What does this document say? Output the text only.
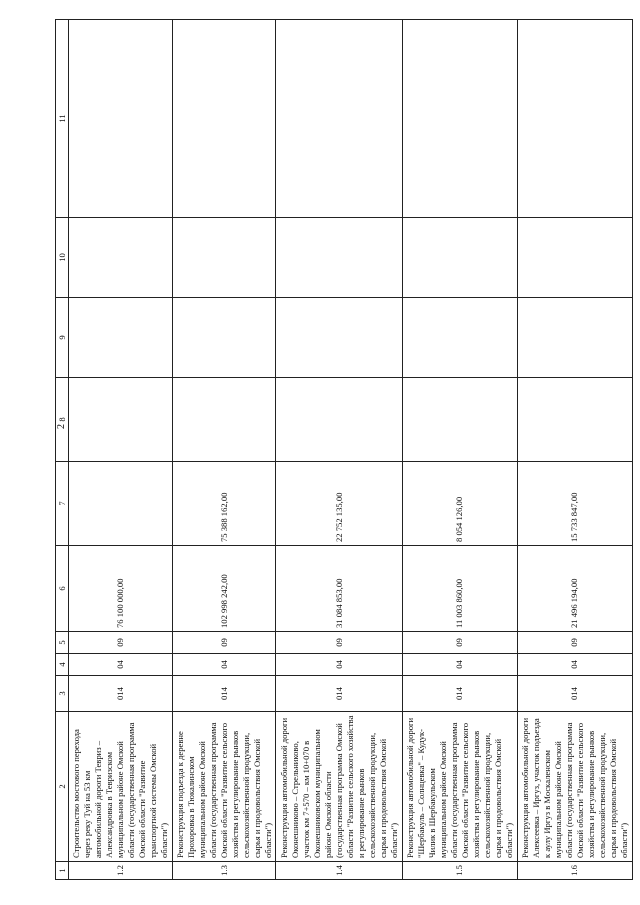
2
1	2	3	4	5	6	7	8	9	10	11
1.2	Строительство мостового перехода через реку Туй на 53 км автомобильной дороги Тевриз – Александровка в Тевризском муниципальном районе Омской области (государственная программа Омской области "Развитие транспортной системы Омской области")	014	04	09	76 100 000,00					
1.3	Реконструкция подъезда к деревне Прохоровка в Тюкалинском муниципальном районе Омской области (государственная программа Омской области "Развитие сельского хозяйства и регулирование рынков сельскохозяйственной продукции, сырья и продовольствия Омской области")	014	04	09	102 998 242,00	75 388 162,00				
1.4	Реконструкция автомобильной дороги Оконешниково – Стрельниково, участок км 7+570 – км 10+070 в Оконешниковском муниципальном районе Омской области (государственная программа Омской области "Развитие сельского хозяйства и регулирование рынков сельскохозяйственной продукции, сырья и продовольствия Омской области")	014	04	09	31 084 853,00	22 752 135,00				
1.5	Реконструкция автомобильной дороги "Шербакуль – Солнцевка" – Кудук-Чилик в Шербакульском муниципальном районе Омской области (государственная программа Омской области "Развитие сельского хозяйства и регулирование рынков сельскохозяйственной продукции, сырья и продовольствия Омской области")	014	04	09	11 003 860,00	8 054 126,00				
1.6	Реконструкция автомобильной дороги Алексеевка – Иргуз, участок подъезда к аулу Иргуз в Москаленском муниципальном районе Омской области (государственная программа Омской области "Развитие сельского хозяйства и регулирование рынков сельскохозяйственной продукции, сырья и продовольствия Омской области")	014	04	09	21 496 194,00	15 733 847,00				
